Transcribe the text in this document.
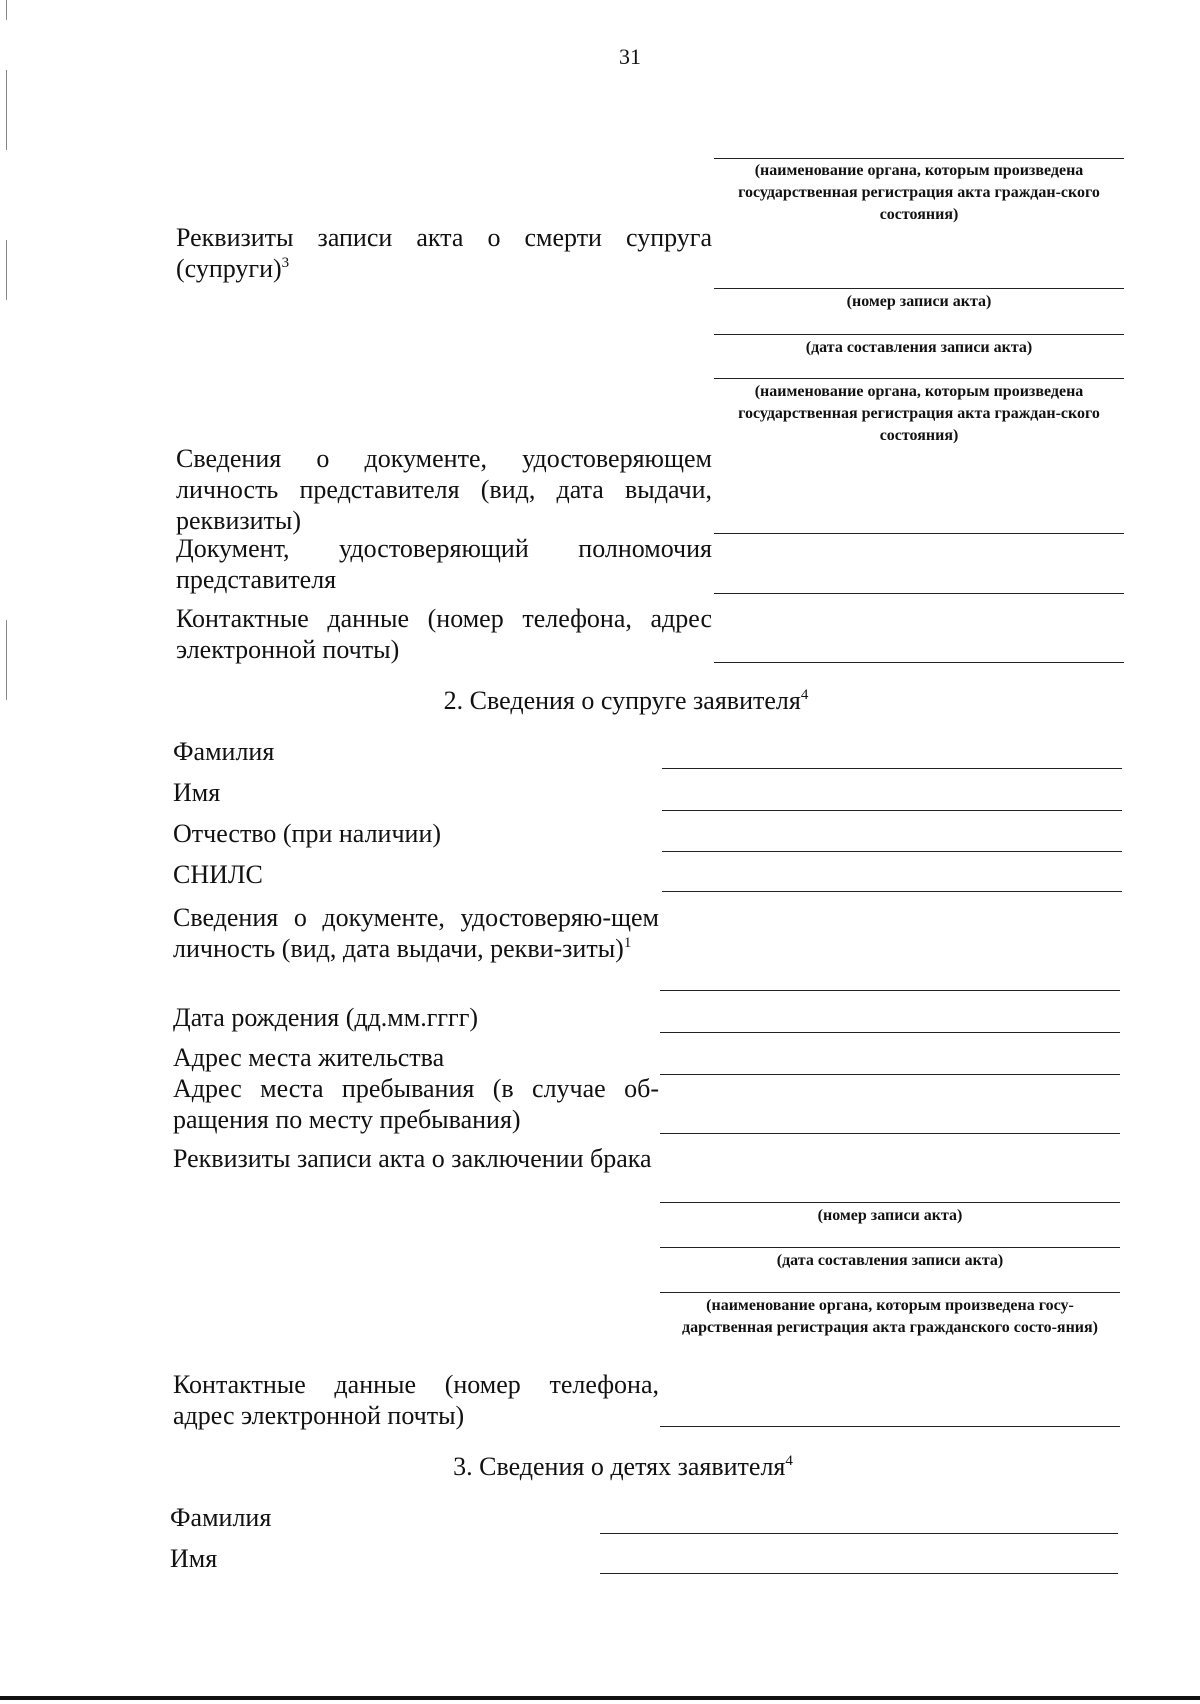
31
(наименование органа, которым произведена государственная регистрация акта граждан-ского состояния)
Реквизиты записи акта о смерти супруга (супруги)$^3$
(номер записи акта)
(дата составления записи акта)
(наименование органа, которым произведена государственная регистрация акта граждан-ского состояния)
Сведения о документе, удостоверяющем личность представителя (вид, дата выдачи, реквизиты)
Документ, удостоверяющий полномочия представителя
Контактные данные (номер телефона, адрес электронной почты)
2. Сведения о супруге заявителя$^4$
Фамилия
Имя
Отчество (при наличии)
СНИЛС
Сведения о документе, удостоверяю-щем личность (вид, дата выдачи, рекви-зиты)$^1$
Дата рождения (дд.мм.гггг)
Адрес места жительства
Адрес места пребывания (в случае об-ращения по месту пребывания)
Реквизиты записи акта о заключении брака
(номер записи акта)
(дата составления записи акта)
(наименование органа, которым произведена госу-дарственная регистрация акта гражданского состо-яния)
Контактные данные (номер телефона, адрес электронной почты)
3. Сведения о детях заявителя$^4$
Фамилия
Имя
